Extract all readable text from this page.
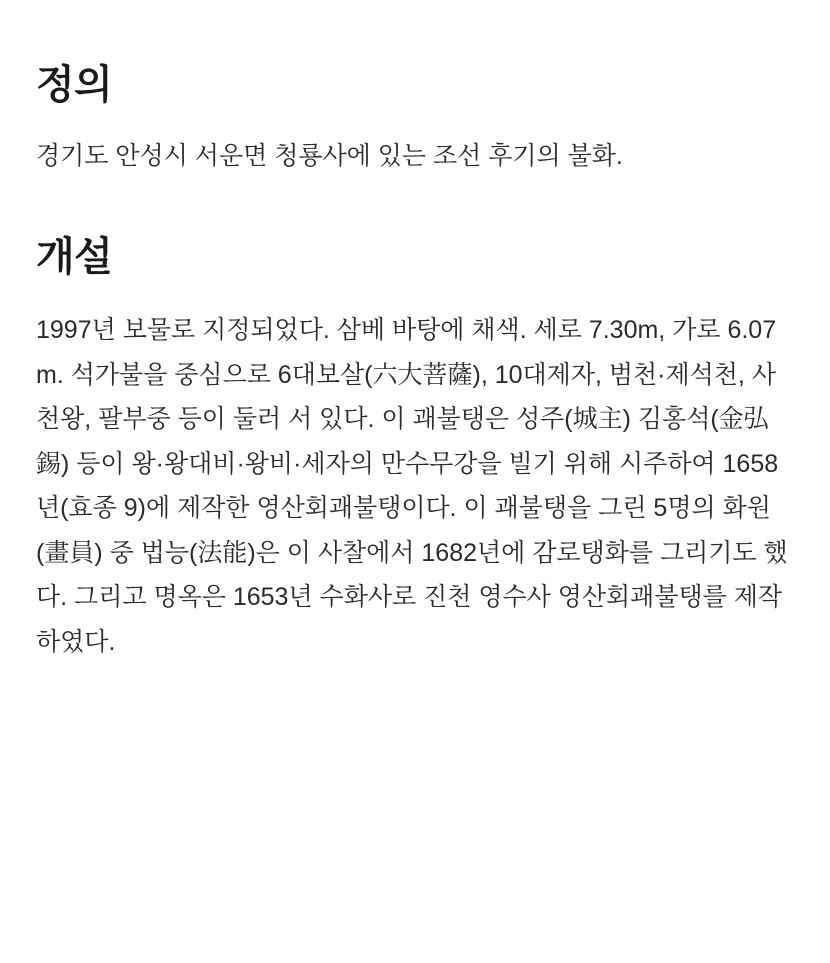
정의

경기도 안성시 서운면 청룡사에 있는 조선 후기의 불화.

개설

1997년 보물로 지정되었다. 삼베 바탕에 채색. 세로 7.30m, 가로 6.07m. 석가불을 중심으로 6대보살(六大菩薩), 10대제자, 범천·제석천, 사천왕, 팔부중 등이 둘러 서 있다. 이 괘불탱은 성주(城主) 김홍석(金弘錫) 등이 왕·왕대비·왕비·세자의 만수무강을 빌기 위해 시주하여 1658년(효종 9)에 제작한 영산회괘불탱이다. 이 괘불탱을 그린 5명의 화원(畫員) 중 법능(法能)은 이 사찰에서 1682년에 감로탱화를 그리기도 했다. 그리고 명옥은 1653년 수화사로 진천 영수사 영산회괘불탱를 제작하였다.
